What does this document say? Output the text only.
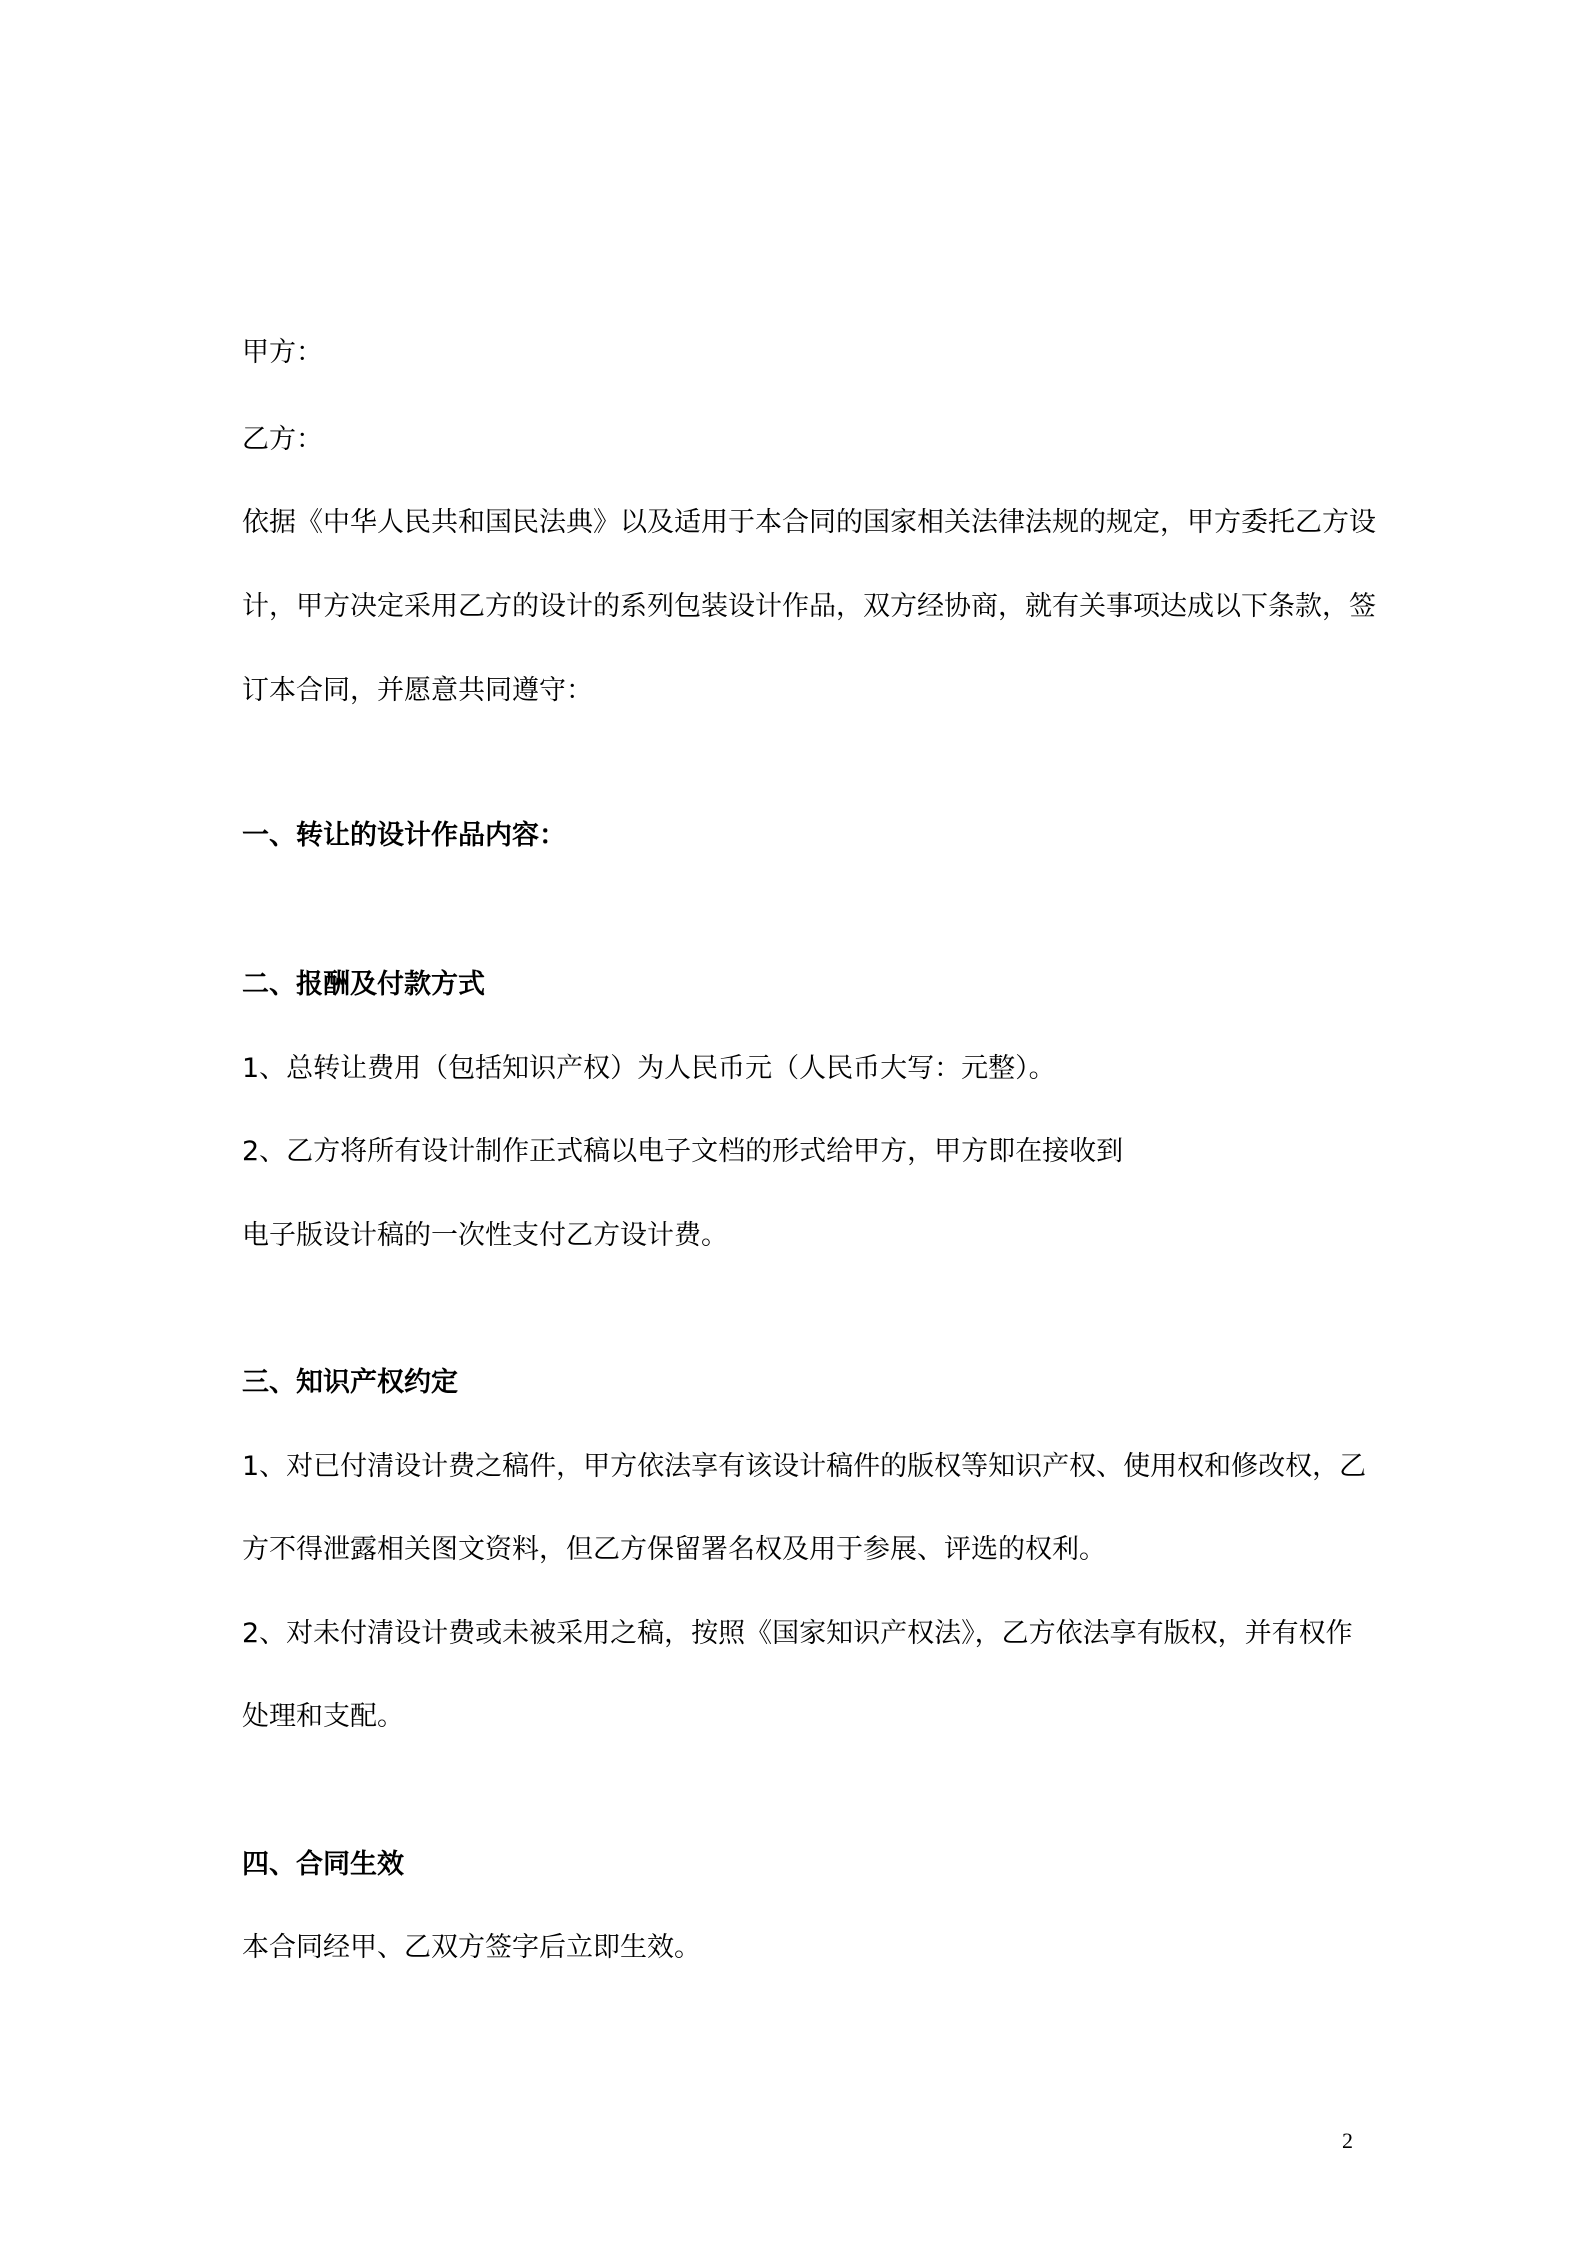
甲方：
乙方：
依据《中华人民共和国民法典》以及适用于本合同的国家相关法律法规的规定，甲方委托乙方设
计，甲方决定采用乙方的设计的系列包装设计作品，双方经协商，就有关事项达成以下条款，签
订本合同，并愿意共同遵守：
一、转让的设计作品内容：
二、报酬及付款方式
1、总转让费用（包括知识产权）为人民币元（人民币大写：元整）。
2、乙方将所有设计制作正式稿以电子文档的形式给甲方，甲方即在接收到
电子版设计稿的一次性支付乙方设计费。
三、知识产权约定
1、对已付清设计费之稿件，甲方依法享有该设计稿件的版权等知识产权、使用权和修改权，乙
方不得泄露相关图文资料，但乙方保留署名权及用于参展、评选的权利。
2、对未付清设计费或未被采用之稿，按照《国家知识产权法》，乙方依法享有版权，并有权作
处理和支配。
四、合同生效
本合同经甲、乙双方签字后立即生效。
2
